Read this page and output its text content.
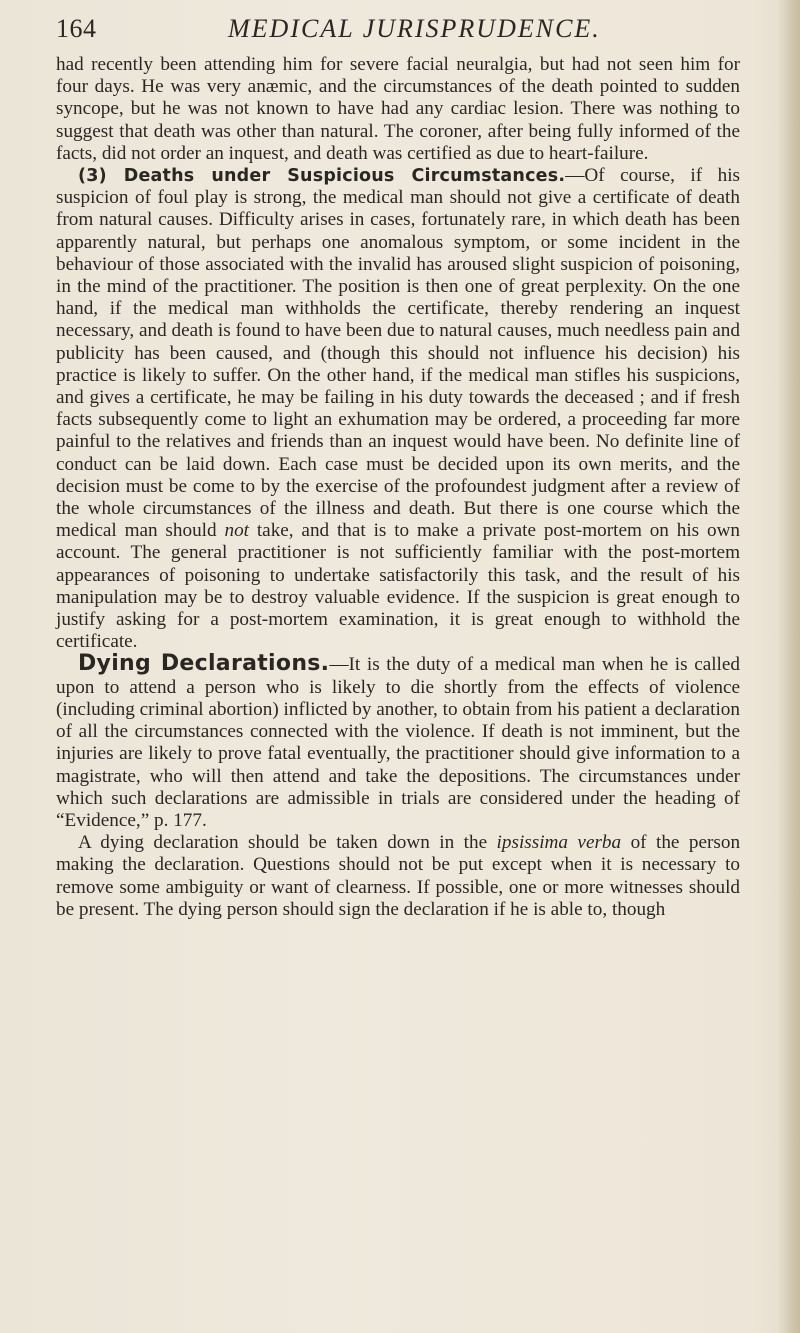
164	MEDICAL JURISPRUDENCE.

had recently been attending him for severe facial neuralgia, but had not seen him for four days. He was very anæmic, and the circumstances of the death pointed to sudden syncope, but he was not known to have had any cardiac lesion. There was nothing to suggest that death was other than natural. The coroner, after being fully informed of the facts, did not order an inquest, and death was certified as due to heart-failure.

(3) Deaths under Suspicious Circumstances.—Of course, if his suspicion of foul play is strong, the medical man should not give a certificate of death from natural causes. Difficulty arises in cases, fortunately rare, in which death has been apparently natural, but perhaps one anomalous symptom, or some incident in the behaviour of those associated with the invalid has aroused slight suspicion of poisoning, in the mind of the practitioner. The position is then one of great perplexity. On the one hand, if the medical man withholds the certificate, thereby rendering an inquest necessary, and death is found to have been due to natural causes, much needless pain and publicity has been caused, and (though this should not influence his decision) his practice is likely to suffer. On the other hand, if the medical man stifles his suspicions, and gives a certificate, he may be failing in his duty towards the deceased ; and if fresh facts subsequently come to light an exhumation may be ordered, a proceeding far more painful to the relatives and friends than an inquest would have been. No definite line of conduct can be laid down. Each case must be decided upon its own merits, and the decision must be come to by the exercise of the profoundest judgment after a review of the whole circumstances of the illness and death. But there is one course which the medical man should not take, and that is to make a private post-mortem on his own account. The general practitioner is not sufficiently familiar with the post-mortem appearances of poisoning to undertake satisfactorily this task, and the result of his manipulation may be to destroy valuable evidence. If the suspicion is great enough to justify asking for a post-mortem examination, it is great enough to withhold the certificate.

Dying Declarations.—It is the duty of a medical man when he is called upon to attend a person who is likely to die shortly from the effects of violence (including criminal abortion) inflicted by another, to obtain from his patient a declaration of all the circumstances connected with the violence. If death is not imminent, but the injuries are likely to prove fatal eventually, the practitioner should give information to a magistrate, who will then attend and take the depositions. The circumstances under which such declarations are admissible in trials are considered under the heading of “Evidence,” p. 177.

A dying declaration should be taken down in the ipsissima verba of the person making the declaration. Questions should not be put except when it is necessary to remove some ambiguity or want of clearness. If possible, one or more witnesses should be present. The dying person should sign the declaration if he is able to, though
